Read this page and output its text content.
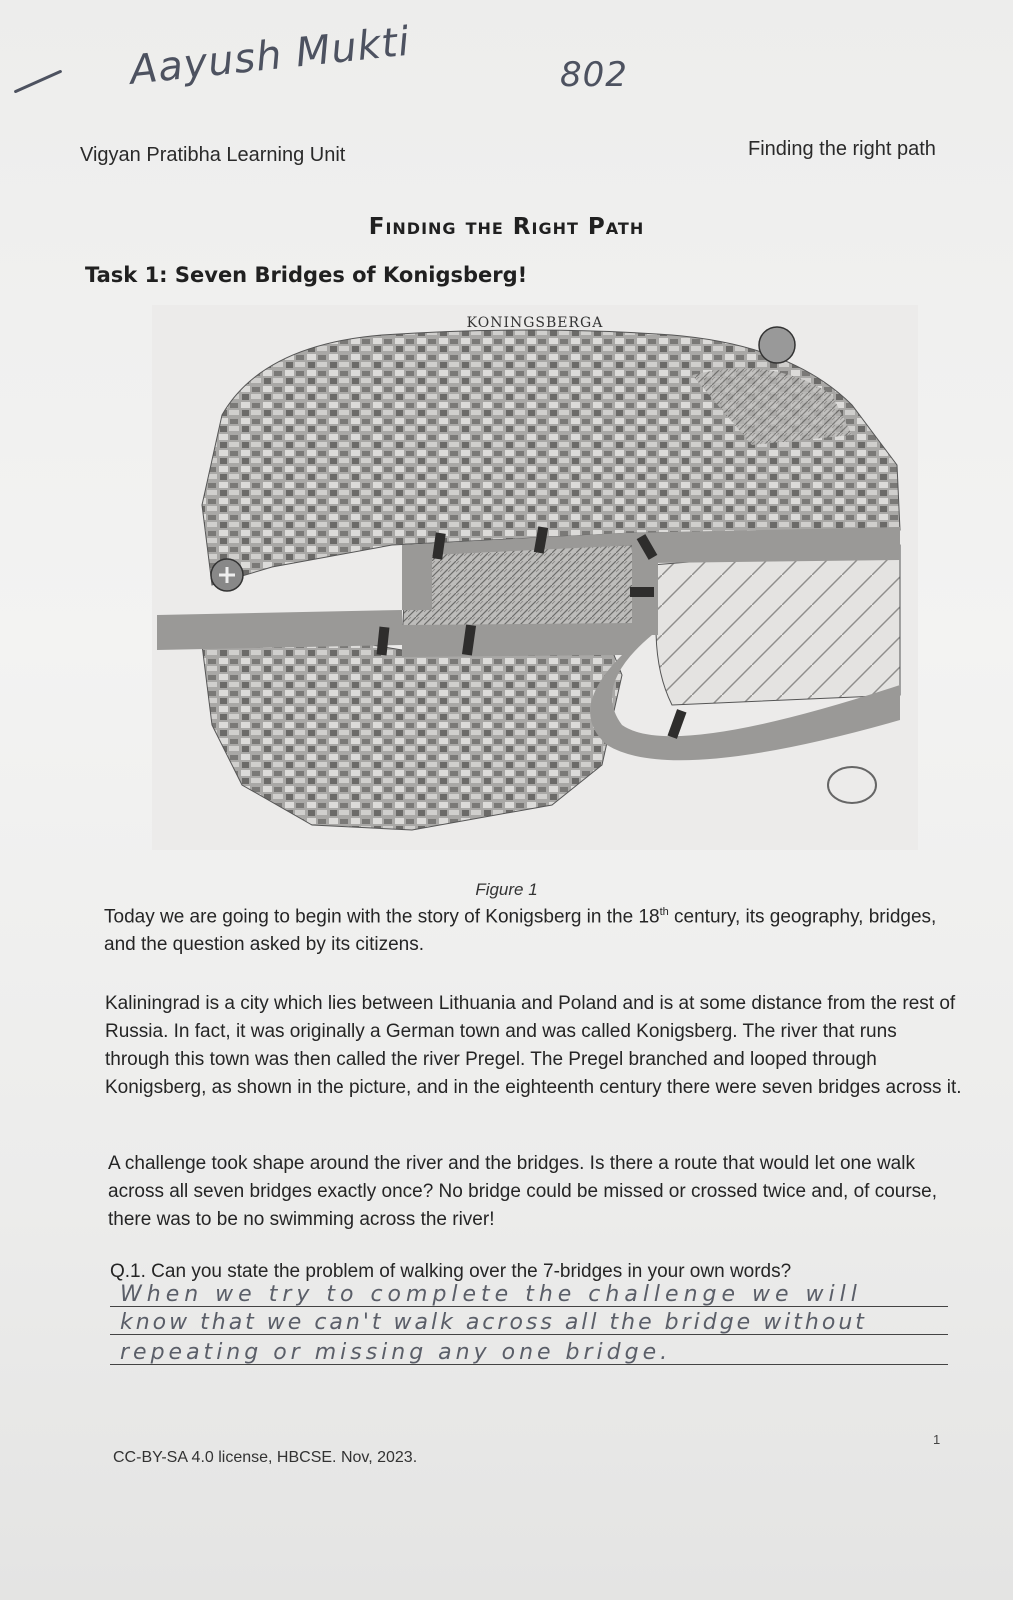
Aayush Mukti	802
Vigyan Pratibha Learning Unit	Finding the right path
Finding the Right Path
Task 1: Seven Bridges of Konigsberg!
KONINGSBERGA
Figure 1
Today we are going to begin with the story of Konigsberg in the 18th century, its geography, bridges, and the question asked by its citizens.
Kaliningrad is a city which lies between Lithuania and Poland and is at some distance from the rest of Russia. In fact, it was originally a German town and was called Konigsberg. The river that runs through this town was then called the river Pregel. The Pregel branched and looped through Konigsberg, as shown in the picture, and in the eighteenth century there were seven bridges across it.
A challenge took shape around the river and the bridges. Is there a route that would let one walk across all seven bridges exactly once? No bridge could be missed or crossed twice and, of course, there was to be no swimming across the river!
Q.1. Can you state the problem of walking over the 7-bridges in your own words?
When we try to complete the challenge we will
know that we can't walk across all the bridge without
repeating or missing any one bridge.
1
CC-BY-SA 4.0 license, HBCSE. Nov, 2023.
